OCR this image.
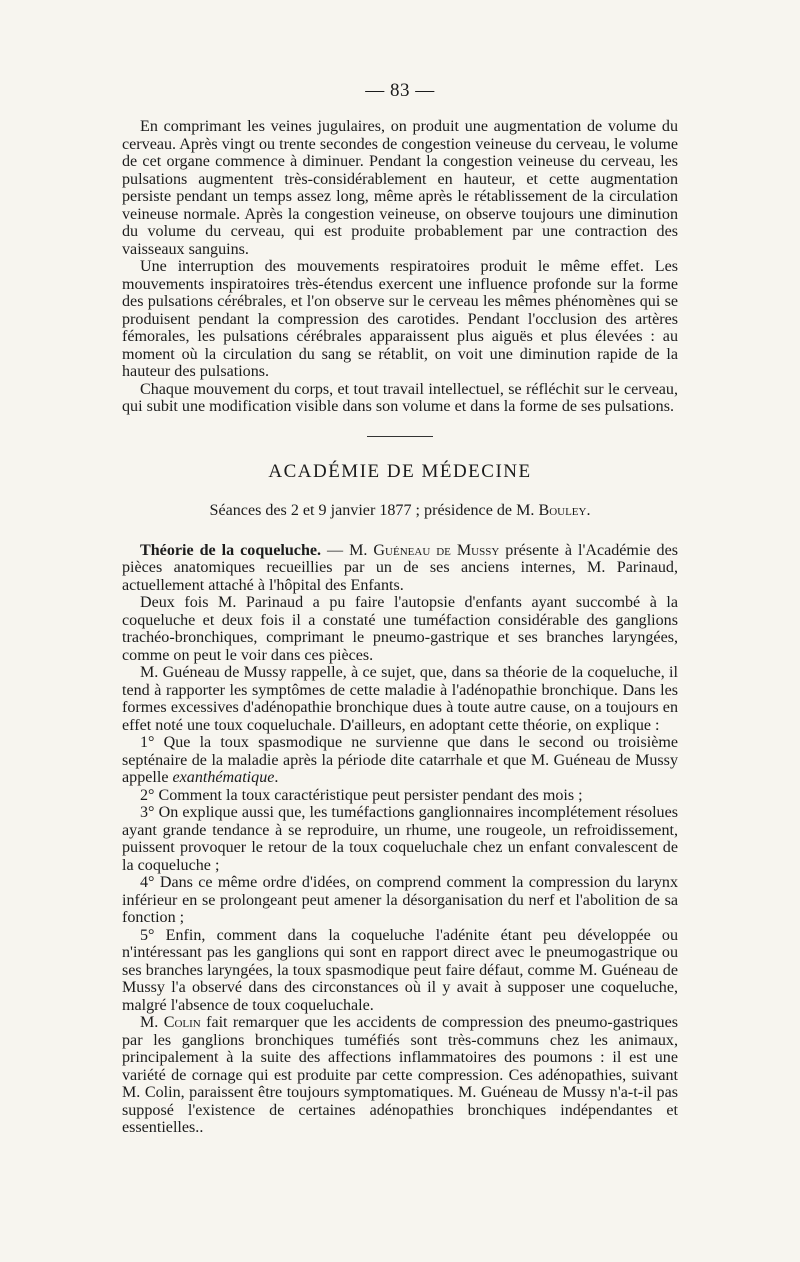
— 83 —

En comprimant les veines jugulaires, on produit une augmentation de volume du cerveau. Après vingt ou trente secondes de congestion veineuse du cerveau, le volume de cet organe commence à diminuer. Pendant la congestion veineuse du cerveau, les pulsations augmentent très-considérablement en hauteur, et cette augmentation persiste pendant un temps assez long, même après le rétablissement de la circulation veineuse normale. Après la congestion veineuse, on observe toujours une diminution du volume du cerveau, qui est produite probablement par une contraction des vaisseaux sanguins.

Une interruption des mouvements respiratoires produit le même effet. Les mouvements inspiratoires très-étendus exercent une influence profonde sur la forme des pulsations cérébrales, et l'on observe sur le cerveau les mêmes phénomènes qui se produisent pendant la compression des carotides. Pendant l'occlusion des artères fémorales, les pulsations cérébrales apparaissent plus aiguës et plus élevées : au moment où la circulation du sang se rétablit, on voit une diminution rapide de la hauteur des pulsations.

Chaque mouvement du corps, et tout travail intellectuel, se réfléchit sur le cerveau, qui subit une modification visible dans son volume et dans la forme de ses pulsations.

ACADÉMIE DE MÉDECINE
Séances des 2 et 9 janvier 1877 ; présidence de M. Bouley.

Théorie de la coqueluche. — M. Guéneau de Mussy présente à l'Académie des pièces anatomiques recueillies par un de ses anciens internes, M. Parinaud, actuellement attaché à l'hôpital des Enfants.

Deux fois M. Parinaud a pu faire l'autopsie d'enfants ayant succombé à la coqueluche et deux fois il a constaté une tuméfaction considérable des ganglions trachéo-bronchiques, comprimant le pneumo-gastrique et ses branches laryngées, comme on peut le voir dans ces pièces.

M. Guéneau de Mussy rappelle, à ce sujet, que, dans sa théorie de la coqueluche, il tend à rapporter les symptômes de cette maladie à l'adénopathie bronchique. Dans les formes excessives d'adénopathie bronchique dues à toute autre cause, on a toujours en effet noté une toux coqueluchale. D'ailleurs, en adoptant cette théorie, on explique :

1° Que la toux spasmodique ne survienne que dans le second ou troisième septénaire de la maladie après la période dite catarrhale et que M. Guéneau de Mussy appelle exanthématique.

2° Comment la toux caractéristique peut persister pendant des mois ;

3° On explique aussi que, les tuméfactions ganglionnaires incomplétement résolues ayant grande tendance à se reproduire, un rhume, une rougeole, un refroidissement, puissent provoquer le retour de la toux coqueluchale chez un enfant convalescent de la coqueluche ;

4° Dans ce même ordre d'idées, on comprend comment la compression du larynx inférieur en se prolongeant peut amener la désorganisation du nerf et l'abolition de sa fonction ;

5° Enfin, comment dans la coqueluche l'adénite étant peu développée ou n'intéressant pas les ganglions qui sont en rapport direct avec le pneumogastrique ou ses branches laryngées, la toux spasmodique peut faire défaut, comme M. Guéneau de Mussy l'a observé dans des circonstances où il y avait à supposer une coqueluche, malgré l'absence de toux coqueluchale.

M. Colin fait remarquer que les accidents de compression des pneumo-gastriques par les ganglions bronchiques tuméfiés sont très-communs chez les animaux, principalement à la suite des affections inflammatoires des poumons : il est une variété de cornage qui est produite par cette compression. Ces adénopathies, suivant M. Colin, paraissent être toujours symptomatiques. M. Guéneau de Mussy n'a-t-il pas supposé l'existence de certaines adénopathies bronchiques indépendantes et essentielles..
